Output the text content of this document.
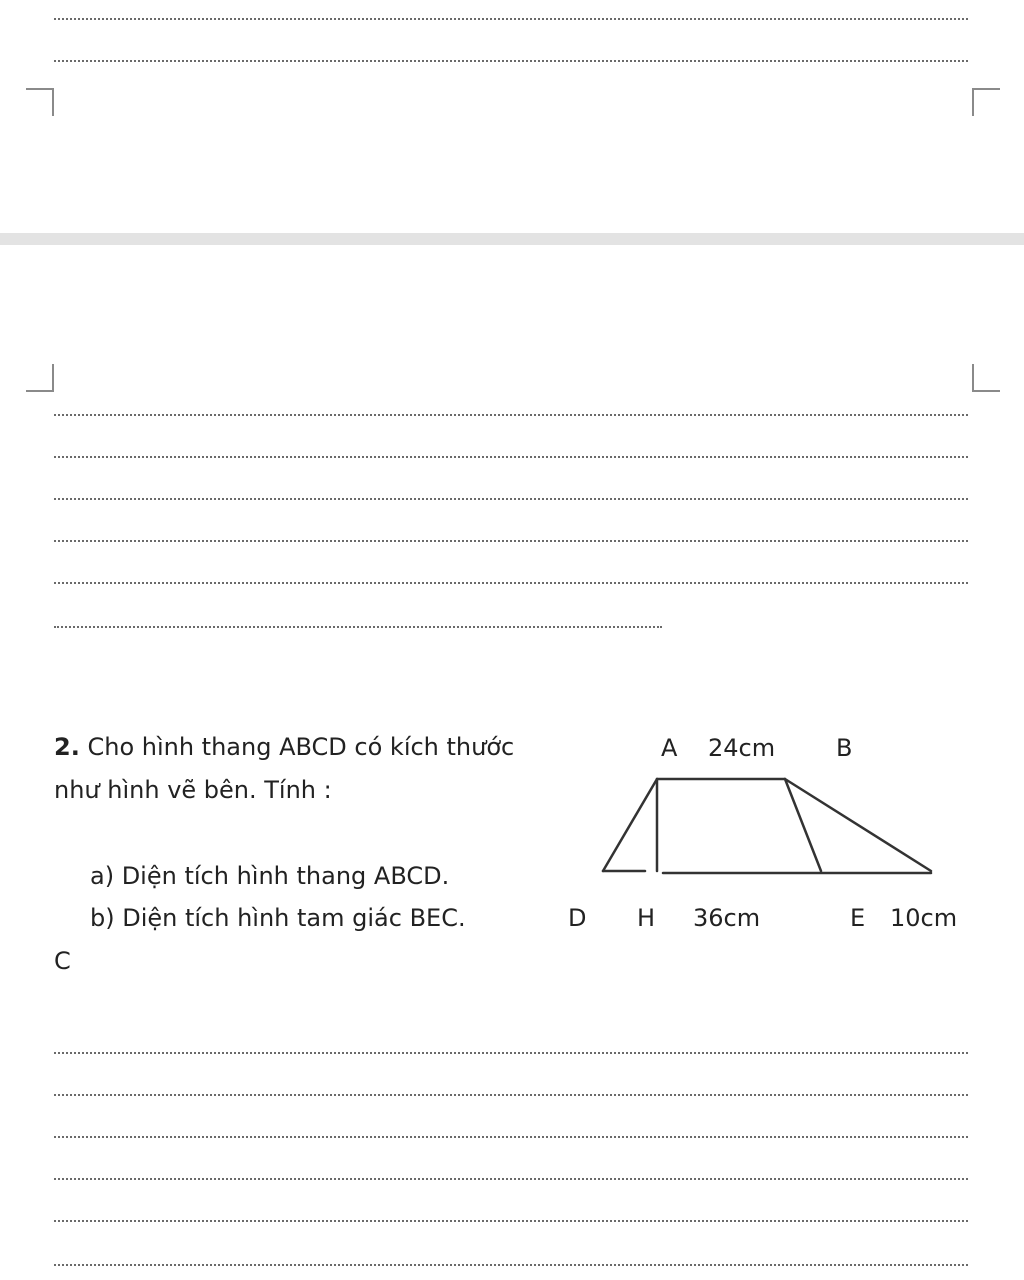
2. Cho hình thang ABCD có kích thước
như hình vẽ bên. Tính :
a) Diện tích hình thang ABCD.
b) Diện tích hình tam giác BEC.
C
A 24cm	B
D H 36cm	E 10cm
